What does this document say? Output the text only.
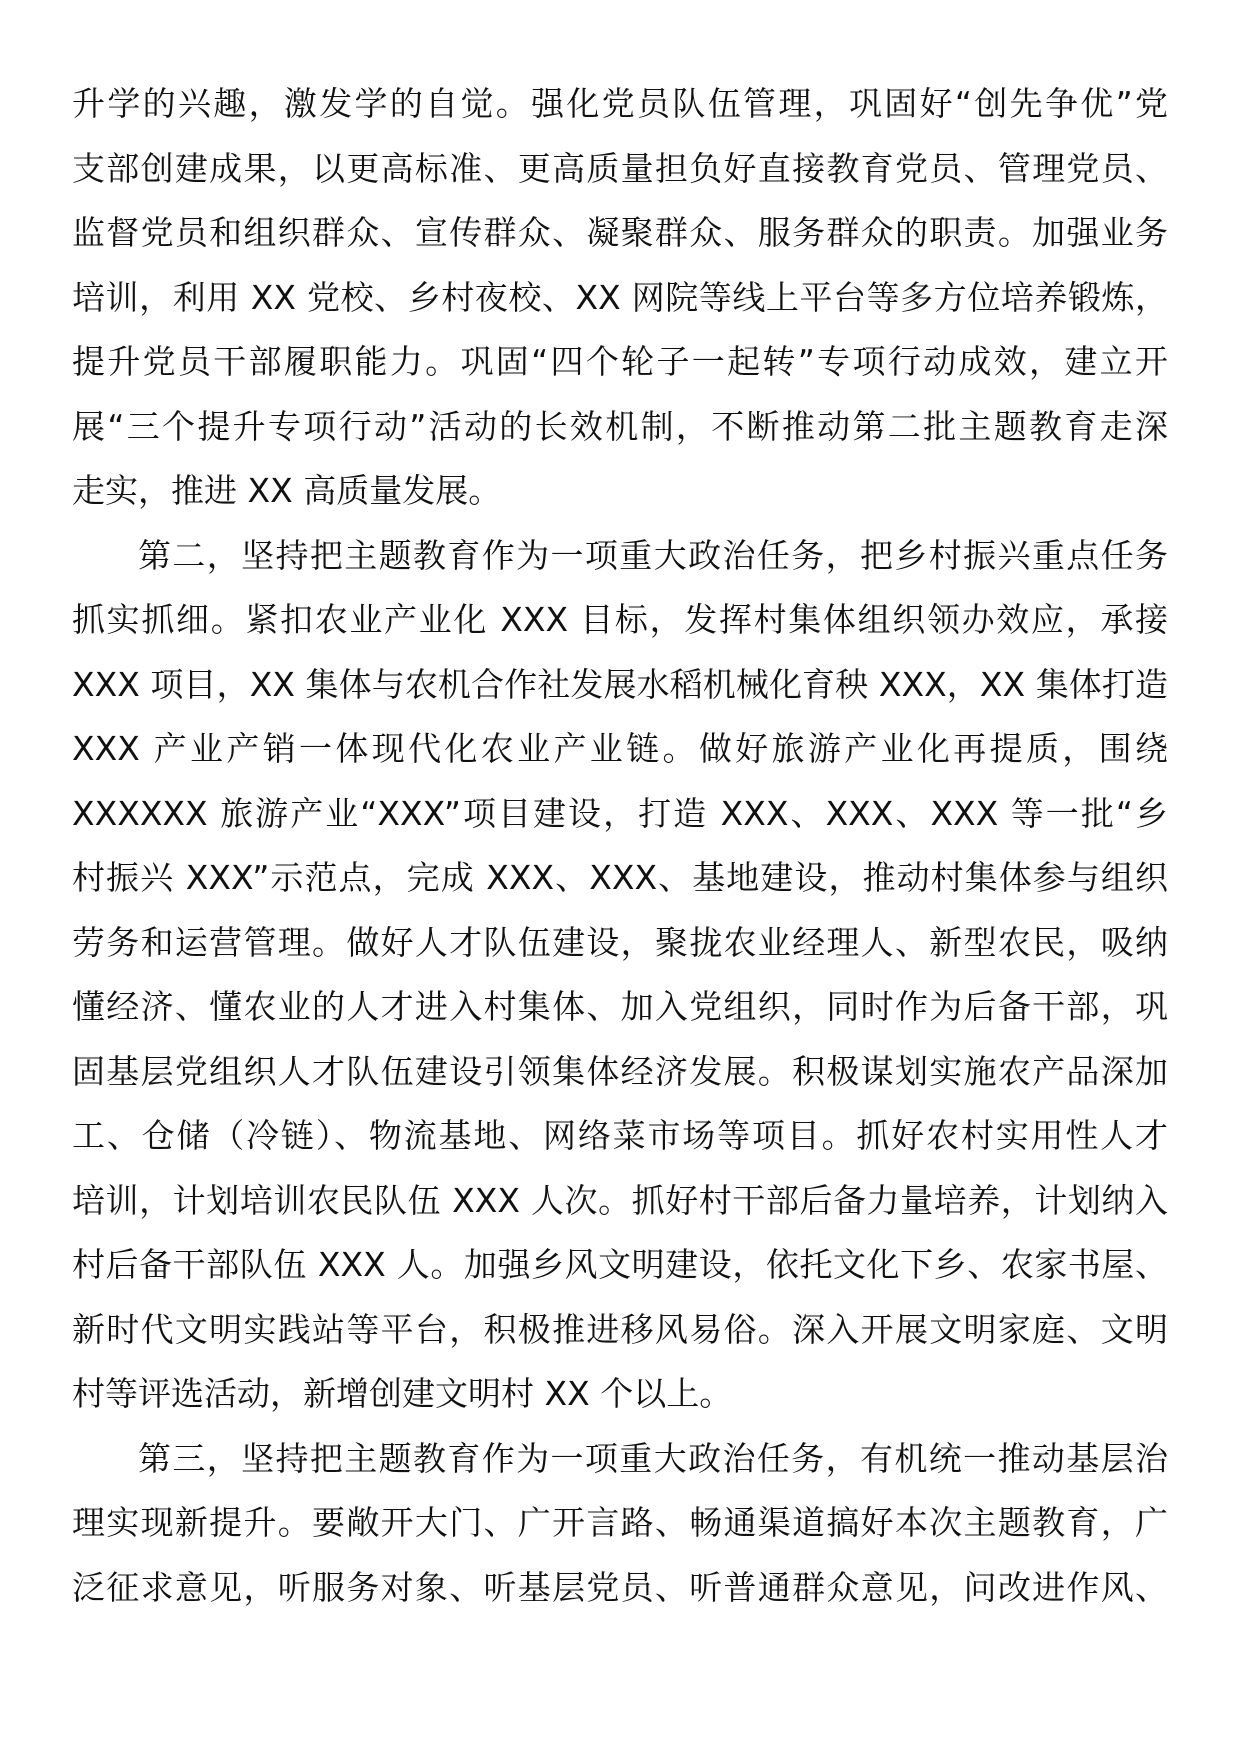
升学的兴趣，激发学的自觉。强化党员队伍管理，巩固好“创先争优”党
支部创建成果，以更高标准、更高质量担负好直接教育党员、管理党员、
监督党员和组织群众、宣传群众、凝聚群众、服务群众的职责。加强业务
培训，利用 XX 党校、乡村夜校、XX 网院等线上平台等多方位培养锻炼，
提升党员干部履职能力。巩固“四个轮子一起转”专项行动成效，建立开
展“三个提升专项行动”活动的长效机制，不断推动第二批主题教育走深
走实，推进 XX 高质量发展。
第二，坚持把主题教育作为一项重大政治任务，把乡村振兴重点任务
抓实抓细。紧扣农业产业化 XXX 目标，发挥村集体组织领办效应，承接
XXX 项目，XX 集体与农机合作社发展水稻机械化育秧 XXX，XX 集体打造
XXX 产业产销一体现代化农业产业链。做好旅游产业化再提质，围绕
XXXXXX 旅游产业“XXX”项目建设，打造 XXX、XXX、XXX 等一批“乡
村振兴 XXX”示范点，完成 XXX、XXX、基地建设，推动村集体参与组织
劳务和运营管理。做好人才队伍建设，聚拢农业经理人、新型农民，吸纳
懂经济、懂农业的人才进入村集体、加入党组织，同时作为后备干部，巩
固基层党组织人才队伍建设引领集体经济发展。积极谋划实施农产品深加
工、仓储（冷链）、物流基地、网络菜市场等项目。抓好农村实用性人才
培训，计划培训农民队伍 XXX 人次。抓好村干部后备力量培养，计划纳入
村后备干部队伍 XXX 人。加强乡风文明建设，依托文化下乡、农家书屋、
新时代文明实践站等平台，积极推进移风易俗。深入开展文明家庭、文明
村等评选活动，新增创建文明村 XX 个以上。
第三，坚持把主题教育作为一项重大政治任务，有机统一推动基层治
理实现新提升。要敞开大门、广开言路、畅通渠道搞好本次主题教育，广
泛征求意见，听服务对象、听基层党员、听普通群众意见，问改进作风、
